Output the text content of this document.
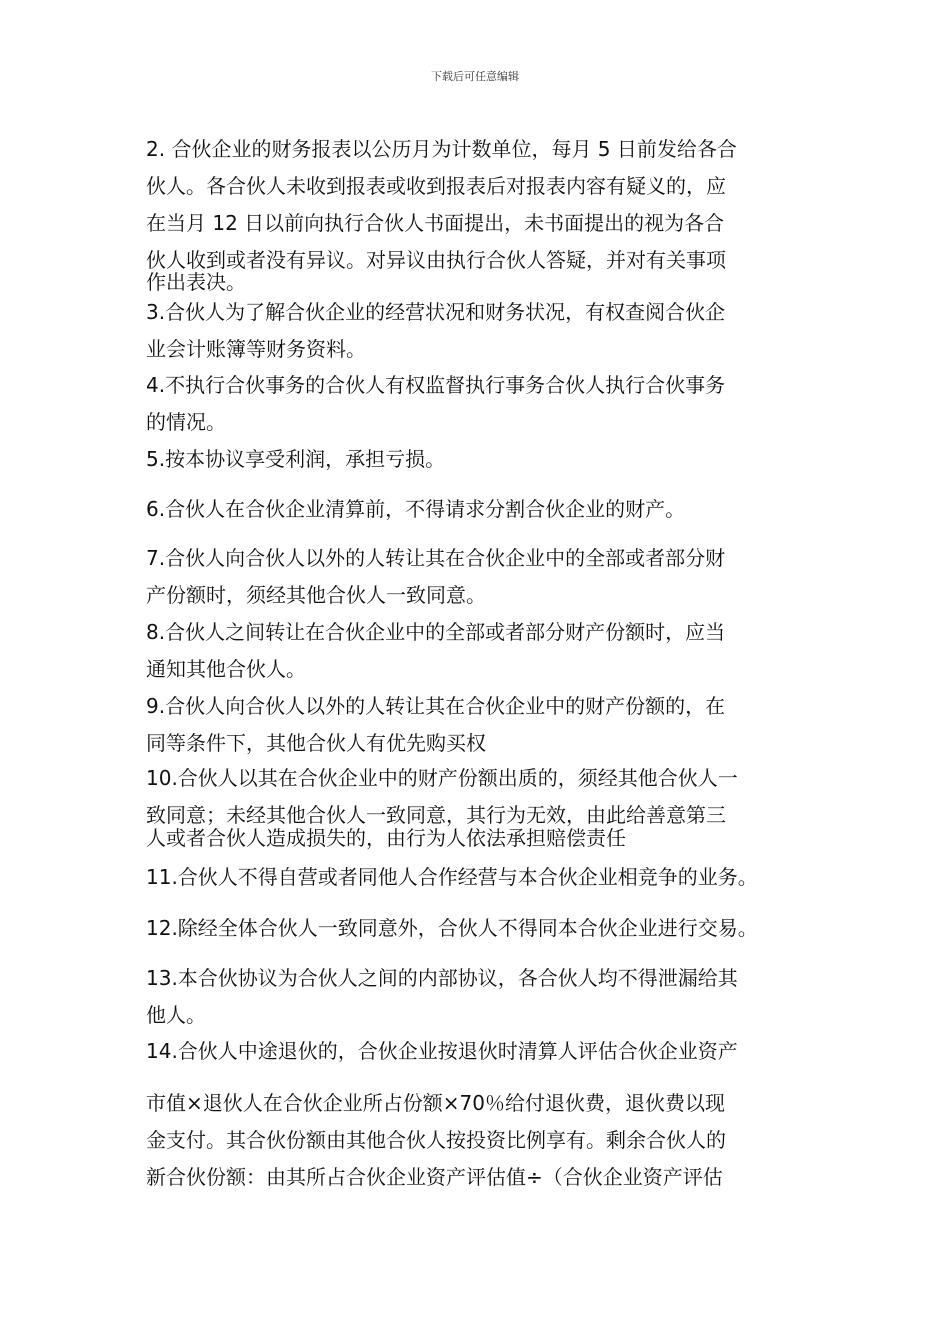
下载后可任意编辑
2. 合伙企业的财务报表以公历月为计数单位，每月 5 日前发给各合
伙人。各合伙人未收到报表或收到报表后对报表内容有疑义的，应
在当月 12 日以前向执行合伙人书面提出，未书面提出的视为各合
伙人收到或者没有异议。对异议由执行合伙人答疑，并对有关事项
作出表决。
3.合伙人为了解合伙企业的经营状况和财务状况，有权查阅合伙企
业会计账簿等财务资料。
4.不执行合伙事务的合伙人有权监督执行事务合伙人执行合伙事务
的情况。
5.按本协议享受利润，承担亏损。
6.合伙人在合伙企业清算前，不得请求分割合伙企业的财产。
7.合伙人向合伙人以外的人转让其在合伙企业中的全部或者部分财
产份额时，须经其他合伙人一致同意。
8.合伙人之间转让在合伙企业中的全部或者部分财产份额时，应当
通知其他合伙人。
9.合伙人向合伙人以外的人转让其在合伙企业中的财产份额的，在
同等条件下，其他合伙人有优先购买权
10.合伙人以其在合伙企业中的财产份额出质的，须经其他合伙人一
致同意；未经其他合伙人一致同意，其行为无效，由此给善意第三
人或者合伙人造成损失的，由行为人依法承担赔偿责任
11.合伙人不得自营或者同他人合作经营与本合伙企业相竞争的业务。
12.除经全体合伙人一致同意外，合伙人不得同本合伙企业进行交易。
13.本合伙协议为合伙人之间的内部协议，各合伙人均不得泄漏给其
他人。
14.合伙人中途退伙的，合伙企业按退伙时清算人评估合伙企业资产
市值×退伙人在合伙企业所占份额×70％给付退伙费，退伙费以现
金支付。其合伙份额由其他合伙人按投资比例享有。剩余合伙人的
新合伙份额：由其所占合伙企业资产评估值÷（合伙企业资产评估
